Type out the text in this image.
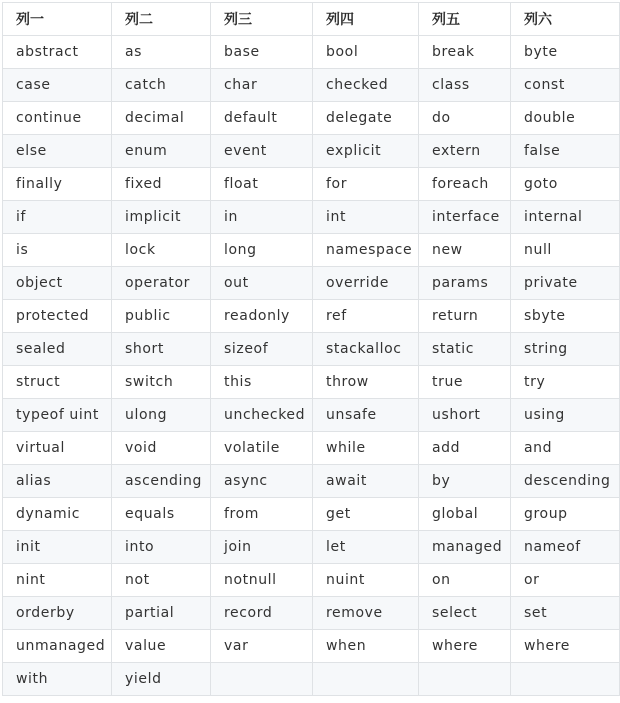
列一	列二	列三	列四	列五	列六
abstract	as	base	bool	break	byte
case	catch	char	checked	class	const
continue	decimal	default	delegate	do	double
else	enum	event	explicit	extern	false
finally	fixed	float	for	foreach	goto
if	implicit	in	int	interface	internal
is	lock	long	namespace	new	null
object	operator	out	override	params	private
protected	public	readonly	ref	return	sbyte
sealed	short	sizeof	stackalloc	static	string
struct	switch	this	throw	true	try
typeof uint	ulong	unchecked	unsafe	ushort	using
virtual	void	volatile	while	add	and
alias	ascending	async	await	by	descending
dynamic	equals	from	get	global	group
init	into	join	let	managed	nameof
nint	not	notnull	nuint	on	or
orderby	partial	record	remove	select	set
unmanaged	value	var	when	where	where
with	yield				
